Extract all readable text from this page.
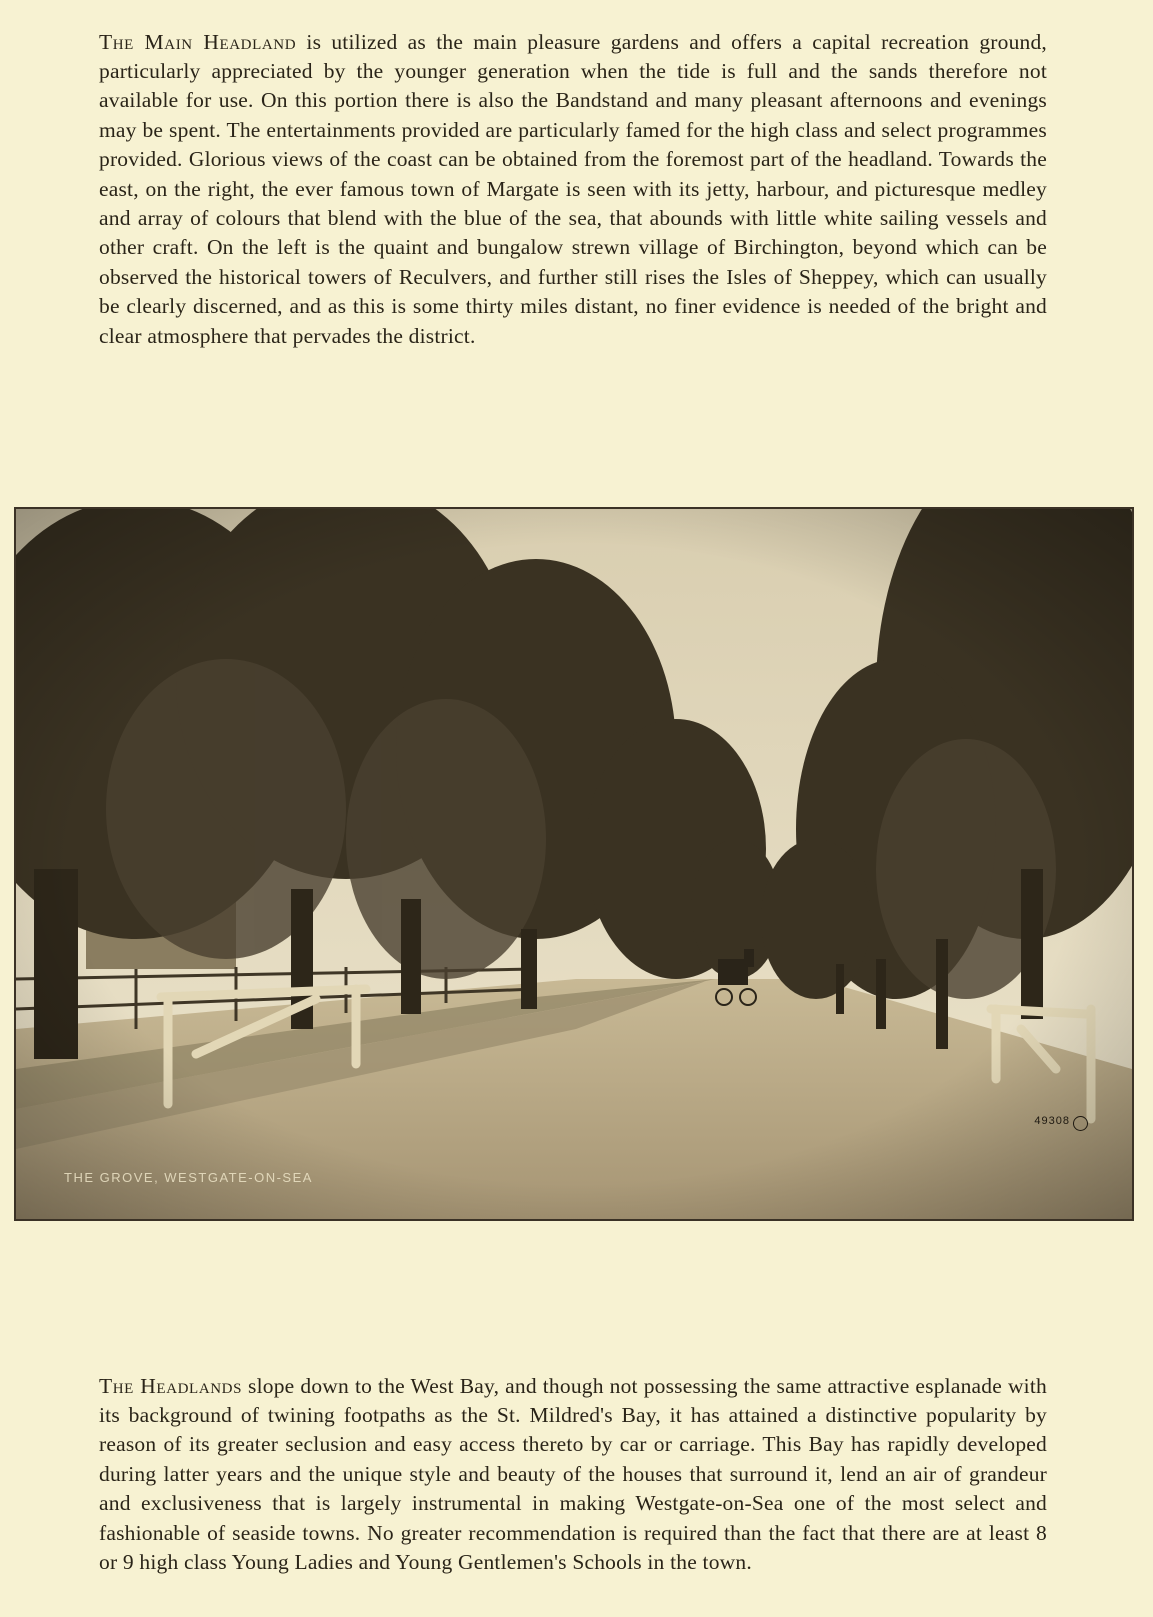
The Main Headland is utilized as the main pleasure gardens and offers a capital recreation ground, particularly appreciated by the younger generation when the tide is full and the sands therefore not available for use. On this portion there is also the Bandstand and many pleasant afternoons and evenings may be spent. The entertainments provided are particularly famed for the high class and select programmes provided. Glorious views of the coast can be obtained from the foremost part of the headland. Towards the east, on the right, the ever famous town of Margate is seen with its jetty, harbour, and picturesque medley and array of colours that blend with the blue of the sea, that abounds with little white sailing vessels and other craft. On the left is the quaint and bungalow strewn village of Birchington, beyond which can be observed the historical towers of Reculvers, and further still rises the Isles of Sheppey, which can usually be clearly discerned, and as this is some thirty miles distant, no finer evidence is needed of the bright and clear atmosphere that pervades the district.

THE GROVE, WESTGATE-ON-SEA
49308

The Headlands slope down to the West Bay, and though not possessing the same attractive esplanade with its background of twining footpaths as the St. Mildred's Bay, it has attained a distinctive popularity by reason of its greater seclusion and easy access thereto by car or carriage. This Bay has rapidly developed during latter years and the unique style and beauty of the houses that surround it, lend an air of grandeur and exclusiveness that is largely instrumental in making Westgate-on-Sea one of the most select and fashionable of seaside towns. No greater recommendation is required than the fact that there are at least 8 or 9 high class Young Ladies and Young Gentlemen's Schools in the town.
